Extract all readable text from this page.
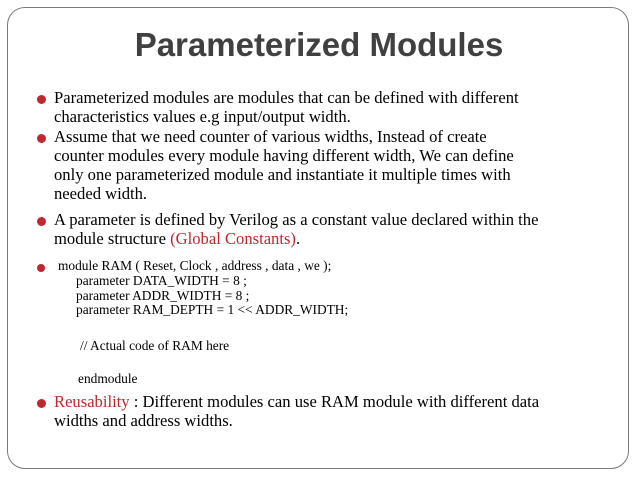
Parameterized Modules
Parameterized modules are modules that can be defined with different
characteristics values e.g input/output width.
Assume that we need counter of various widths, Instead of create
counter modules every module having different width, We can define
only one parameterized module and instantiate it multiple times with
needed width.
A parameter is defined by Verilog as a constant value declared within the
module structure (Global Constants).
module RAM ( Reset, Clock , address , data , we );
parameter DATA_WIDTH = 8 ;
parameter ADDR_WIDTH = 8 ;
parameter RAM_DEPTH = 1 << ADDR_WIDTH;
// Actual code of RAM here
endmodule
Reusability : Different modules can use RAM module with different data
widths and address widths.
